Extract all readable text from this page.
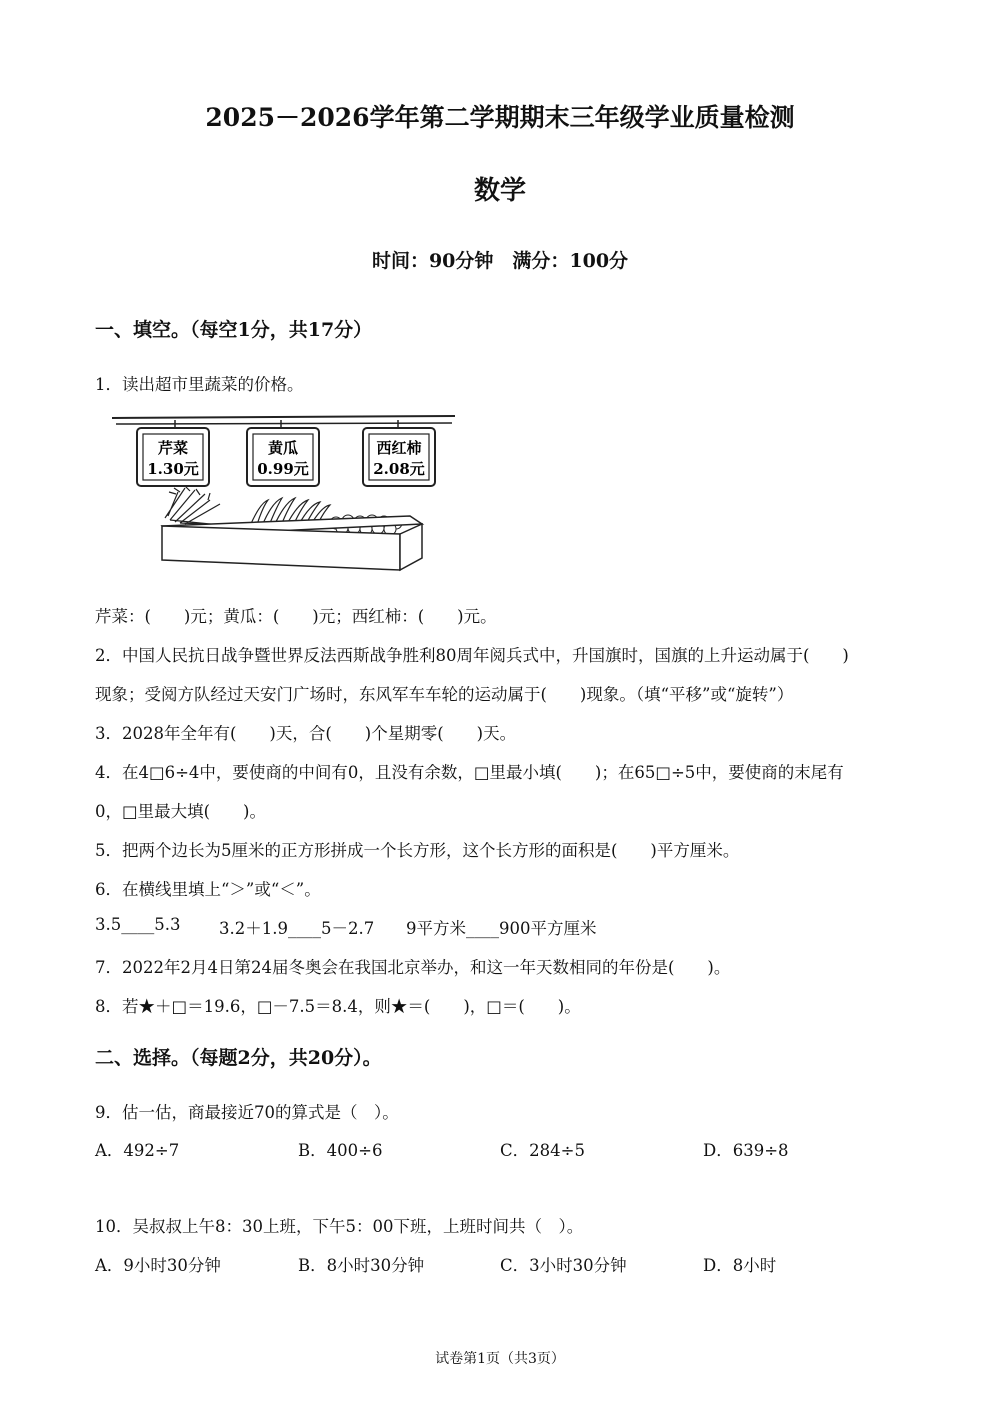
2025－2026学年第二学期期末三年级学业质量检测
数学
时间：90分钟　满分：100分
一、填空。（每空1分，共17分）
1．读出超市里蔬菜的价格。
芹菜
1.30元
黄瓜
0.99元
西红柿
2.08元
芹菜：(　　)元；黄瓜：(　　)元；西红柿：(　　)元。
2．中国人民抗日战争暨世界反法西斯战争胜利80周年阅兵式中，升国旗时，国旗的上升运动属于(　　)
现象；受阅方队经过天安门广场时，东风军车车轮的运动属于(　　)现象。（填“平移”或“旋转”）
3．2028年全年有(　　)天，合(　　)个星期零(　　)天。
4．在4□6÷4中，要使商的中间有0，且没有余数，□里最小填(　　)；在65□÷5中，要使商的末尾有
0，□里最大填(　　)。
5．把两个边长为5厘米的正方形拼成一个长方形，这个长方形的面积是(　　)平方厘米。
6．在横线里填上“＞”或“＜”。
3.5____5.3 3.2＋1.9____5－2.7 9平方米____900平方厘米
7．2022年2月4日第24届冬奥会在我国北京举办，和这一年天数相同的年份是(　　)。
8．若★＋□＝19.6，□－7.5＝8.4，则★＝(　　)，□＝(　　)。
二、选择。（每题2分，共20分）。
9．估一估，商最接近70的算式是（　）。
A．492÷7	B．400÷6	C．284÷5	D．639÷8
10．吴叔叔上午8：30上班，下午5：00下班，上班时间共（　）。
A．9小时30分钟	B．8小时30分钟	C．3小时30分钟	D．8小时
试卷第1页（共3页）
